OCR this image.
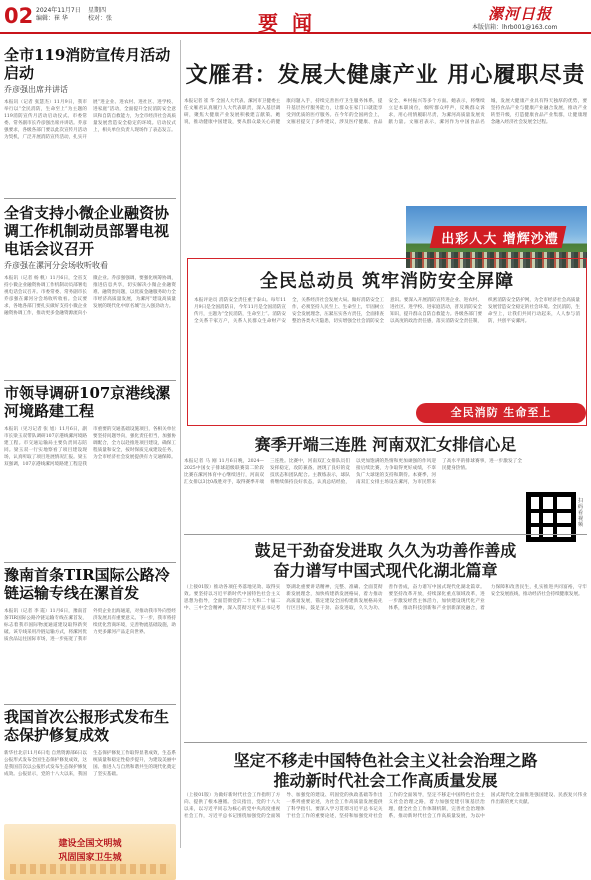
02 2024年11月7日
编辑：崔 华
星期四
校对：张	要闻	漯河日报
本版信箱：lhrb001@163.com
全市119消防宣传月活动启动
乔彦强出席并讲话
本报讯（记者 张慧杰）11月9日，我市举行以“全民消防，生命至上”为主题的119消防宣传月活动启动仪式。市委常委、常务副市长乔彦强出席并讲话。乔彦强要求，各级各部门要以此次宣传月活动为契机，广泛开展消防宣传活动，扎实开展“进企业、进农村、进社区、进学校、进家庭”活动，全面提升全民消防安全意识和自防自救能力，为全市经济社会高质量发展营造安全稳定的环境。启动仪式上，相关单位负责人现场作了表态发言。
全省支持小微企业融资协调工作机制动员部署电视电话会议召开
乔彦强在漯河分会场收听收看
本报讯（记者 杨 帆）11月6日，全省支持小微企业融资协调工作机制动员部署电视电话会议召开。市委常委、常务副市长乔彦强在漯河分会场收听收看。会议要求，各地各部门要扎实做好支持小微企业融资协调工作，推动更多金融资源流向小微企业。乔彦强强调，要强化统筹协调，推进信息共享，切实解决小微企业融资难、融资贵问题，以优质金融服务助力全市经济高质量发展，为漯河“建设高质量发展的现代化中原名城”注入强劲动力。
市领导调研107京港线漯河境路建工程
本报讯（见习记者 张 旭）11月6日，副市长梁玉双带队调研107京港线漯河境路建工程。市交通运输局主要负责同志陪同。梁玉双一行实地察看了项目建设现场，认真听取了项目进展情况汇报。梁玉双强调，107京港线漯河境路建工程是我市重要的交通基础设施项目，各相关单位要坚持问题导向，强化责任担当，加强协调配合，全力以赴推进项目建设，确保工程质量和安全，按时保质完成建设任务，为全市经济社会发展提供有力交通保障。
豫南首条TIR国际公路冷链运输专线在漯首发
本报讯（记者 李 霞）11月6日，豫南首条TIR国际公路冷链运输专线在漯首发，标志着我市国际物流通道建设取得新突破。该专线采用冷链运输方式，将漯河优质食品运往国际市场，进一步拓宽了我市外贸企业出海通道，对推动我市外向型经济发展具有重要意义。下一步，我市将持续优化营商环境，完善物流基础设施，助力更多漯河产品走向世界。
我国首次公报形式发布生态保护修复成效
新华社北京11月6日电 自然资源部6日以公报形式发布全国生态保护修复成效，这是我国首次以公报形式发布生态保护修复成效。公报显示，党的十八大以来，我国生态保护修复工作取得显著成效，生态系统质量和稳定性稳步提升，为建设美丽中国、推进人与自然和谐共生的现代化奠定了坚实基础。
建设全国文明城
巩固国家卫生城
文雁君：发展大健康产业 用心履职尽责
本报记者 崔 华 全国人大代表、漯河市卫健委主任文雁君认真履行人大代表职责，深入基层调研，聚焦大健康产业发展积极建言献策。她说，推动健康中国建设，要从群众最关心的健康问题入手，持续完善医疗卫生服务体系，提升基层医疗服务能力，让群众在家门口就能享受到优质的医疗服务。在今年的全国两会上，文雁君提交了多件建议，涉及医疗健康、食品安全、乡村振兴等多个方面。她表示，将继续立足本职岗位，倾听群众呼声，反映群众诉求，用心用情履职尽责，为漯河高质量发展贡献力量。文雁君表示，漯河作为中国食品名城，发展大健康产业具有得天独厚的优势，要坚持食品产业与健康产业融合发展，推动产业转型升级，打造健康食品产业集群，让健康理念融入经济社会发展全过程。
出彩人大 增辉沙澧
全民总动员 筑牢消防安全屏障
本报评论员 消防安全责任重于泰山。每年11月9日是全国消防日，今年11月是全国消防宣传月，主题为“全民消防，生命至上”。消防安全关系千家万户，关系人民群众生命财产安全，关系经济社会发展大局。做好消防安全工作，必须坚持人民至上、生命至上，牢固树立安全发展理念，压紧压实各方责任，全面排查整治各类火灾隐患，切实增强全社会消防安全意识。要深入开展消防宣传进企业、进农村、进社区、进学校、进家庭活动，普及消防安全知识，提升群众自防自救能力。各级各部门要以高度的政治责任感，落实消防安全责任制，织密消防安全防护网，为全市经济社会高质量发展营造安全稳定的社会环境。全民消防，生命至上，让我们共同行动起来，人人参与消防，共创平安漯河。
全民消防 生命至上
赛季开端三连胜 河南双汇女排信心足
本报记者 马 刚 11月6日晚，2024—2025中国女子排球超级联赛第二阶段比赛在漯河体育中心继续进行，河南双汇女排以3比0战胜对手，取得赛季开端三连胜。比赛中，河南双汇女排队员们发挥稳定，攻防兼备，展现了良好的竞技状态和团队配合。主教练表示，球队将继续保持良好状态，认真总结经验，以更加饱满的热情和更加顽强的作风迎接后续比赛，力争取得更好成绩，不辜负广大球迷的支持和期待。本赛季，河南双汇女排主场设在漯河，为市民带来了高水平的排球赛事，进一步激发了全民健身热情。
扫码看视频
鼓足干劲奋发进取 久久为功善作善成
奋力谱写中国式现代化湖北篇章
（上接01版）推动各项任务落地见效、取得实效。要坚持以习近平新时代中国特色社会主义思想为指导，全面贯彻党的二十大和二十届二中、三中全会精神，深入贯彻习近平总书记考察湖北重要讲话精神，完整、准确、全面贯彻新发展理念，加快构建新发展格局，着力推动高质量发展，锚定建设全国构建新发展格局先行区目标，鼓足干劲、奋发进取，久久为功、善作善成，奋力谱写中国式现代化湖北篇章。要坚持改革开放，持续深化重点领域改革，进一步激发经营主体活力，加快建设现代化产业体系，推动科技创新和产业创新深度融合，着力保障和改善民生，扎实推进共同富裕，守牢安全发展底线，推动经济社会持续健康发展。
坚定不移走中国特色社会主义社会治理之路
推动新时代社会工作高质量发展
（上接01版）为做好新时代社会工作指明了方向、提供了根本遵循。会议指出，党的十八大以来，以习近平同志为核心的党中央高度重视社会工作，习近平总书记围绕加强党的全面领导、加强党的建设、巩固党的执政基础等作出一系列重要论述，为社会工作高质量发展提供了科学指引。要深入学习贯彻习近平总书记关于社会工作的重要论述，坚持和加强党对社会工作的全面领导，坚定不移走中国特色社会主义社会治理之路，着力加强党建引领基层治理，健全社会工作体制机制，完善社会治理体系，推动新时代社会工作高质量发展，为以中国式现代化全面推进强国建设、民族复兴伟业作出新的更大贡献。
